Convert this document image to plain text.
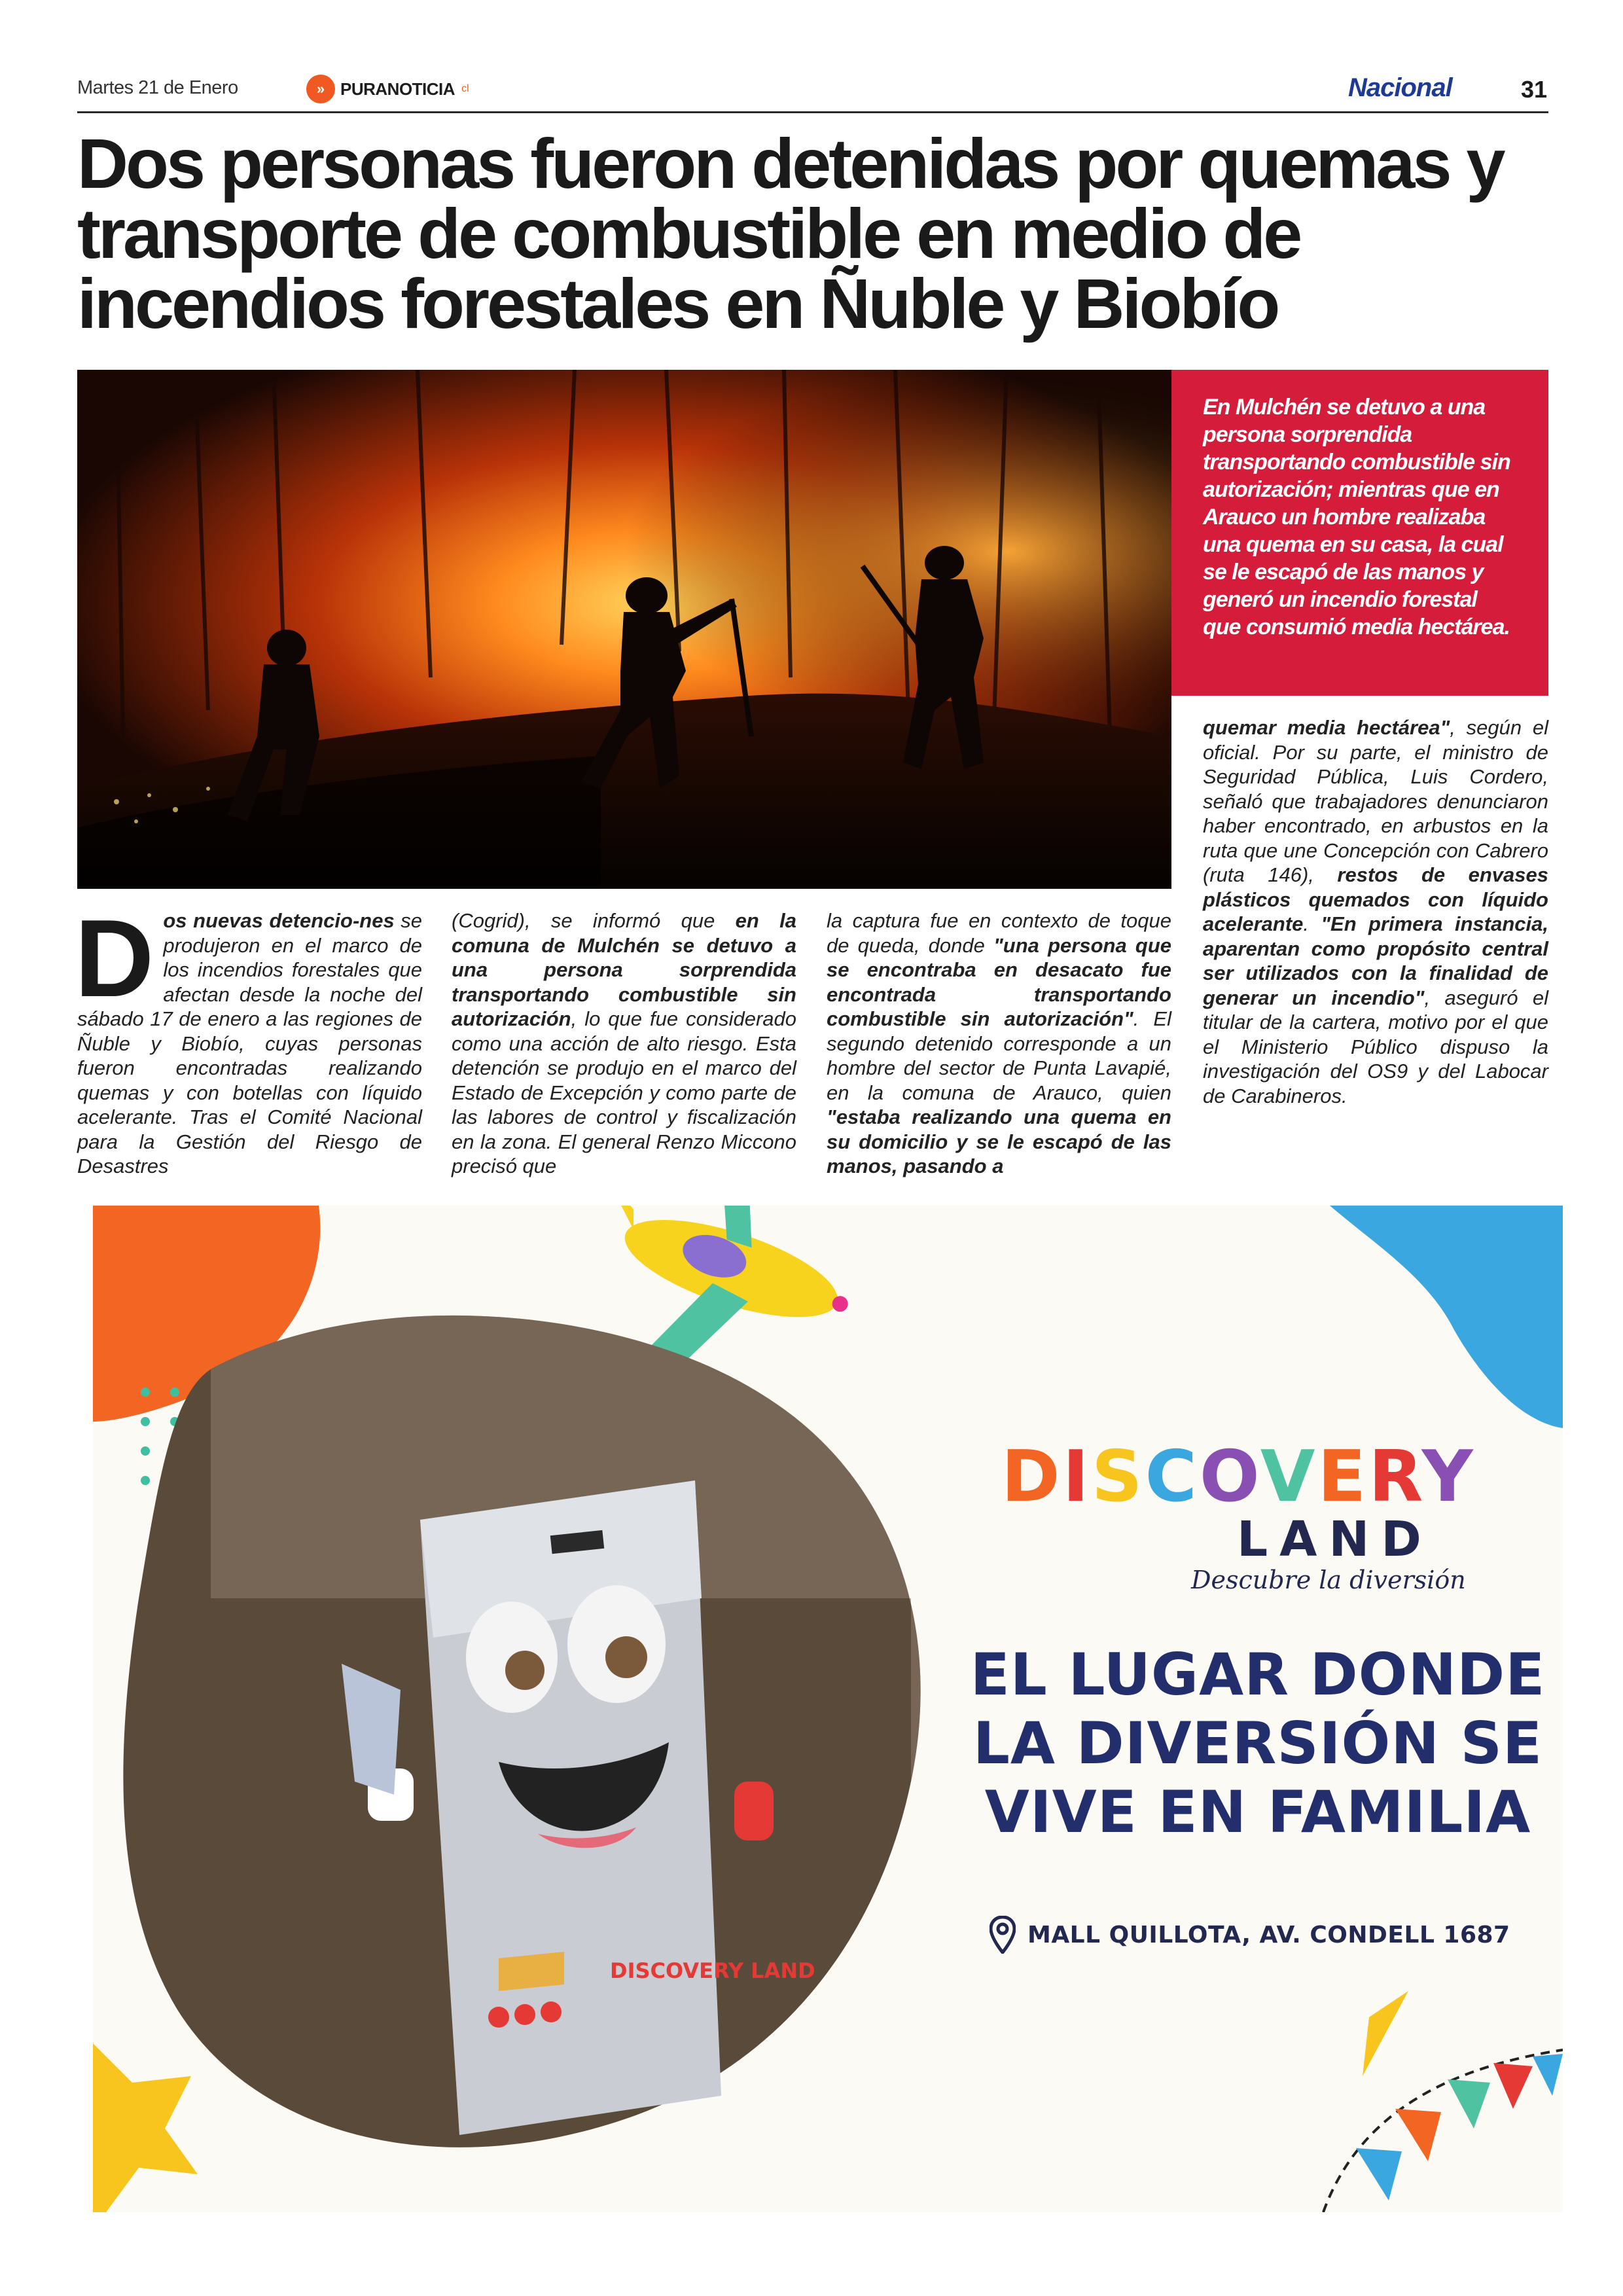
Martes 21 de Enero	» PURANOTICIA cl	Nacional	31
Dos personas fueron detenidas por quemas y transporte de combustible en medio de incendios forestales en Ñuble y Biobío
En Mulchén se detuvo a una persona sorprendida transportando combustible sin autorización; mientras que en Arauco un hombre realizaba una quema en su casa, la cual se le escapó de las manos y generó un incendio forestal que consumió media hectárea.
D os nuevas detencio-nes se produjeron en el marco de los incendios forestales que afectan desde la noche del sábado 17 de enero a las regiones de Ñuble y Biobío, cuyas personas fueron encontradas realizando quemas y con botellas con líquido acelerante. Tras el Comité Nacional para la Gestión del Riesgo de Desastres

(Cogrid), se informó que en la comuna de Mulchén se detuvo a una persona sorprendida transportando combustible sin autorización, lo que fue considerado como una acción de alto riesgo. Esta detención se produjo en el marco del Estado de Excepción y como parte de las labores de control y fiscalización en la zona. El general Renzo Miccono precisó que

la captura fue en contexto de toque de queda, donde "una persona que se encontraba en desacato fue encontrada transportando combustible sin autorización". El segundo detenido corresponde a un hombre del sector de Punta Lavapié, en la comuna de Arauco, quien "estaba realizando una quema en su domicilio y se le escapó de las manos, pasando a

quemar media hectárea", según el oficial. Por su parte, el ministro de Seguridad Pública, Luis Cordero, señaló que trabajadores denunciaron haber encontrado, en arbustos en la ruta que une Concepción con Cabrero (ruta 146), restos de envases plásticos quemados con líquido acelerante. "En primera instancia, aparentan como propósito central ser utilizados con la finalidad de generar un incendio", aseguró el titular de la cartera, motivo por el que el Ministerio Público dispuso la investigación del OS9 y del Labocar de Carabineros.

DISCOVERY LAND
DISCOVERY
LAND
Descubre la diversión
EL LUGAR DONDE
LA DIVERSIÓN SE
VIVE EN FAMILIA
MALL QUILLOTA, AV. CONDELL 1687
